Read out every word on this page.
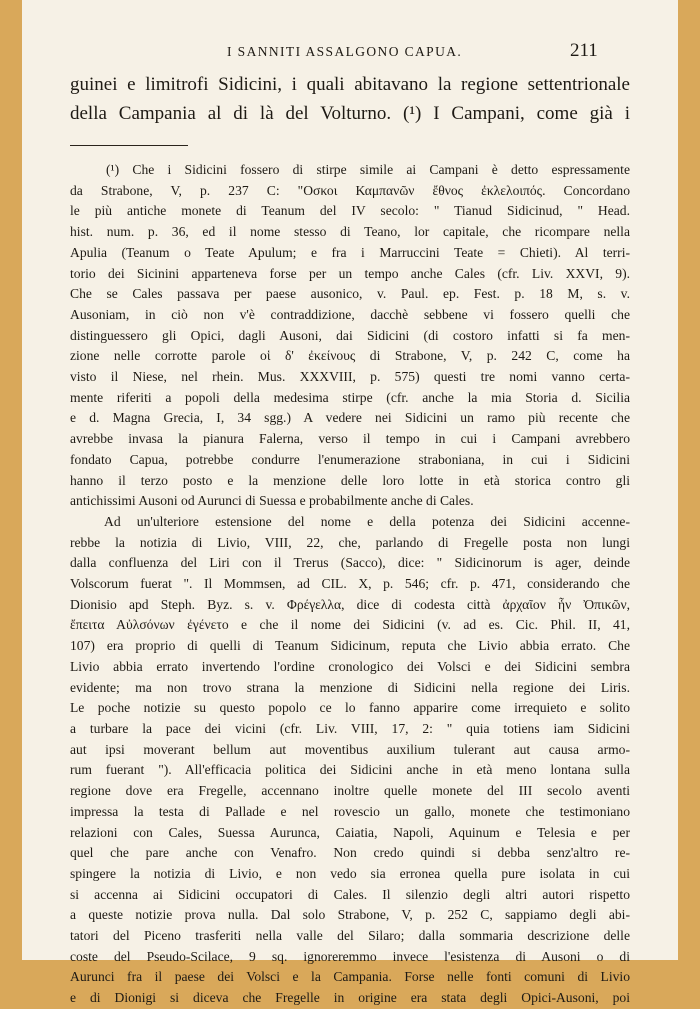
I SANNITI ASSALGONO CAPUA.	211
guinei e limitrofi Sidicini, i quali abitavano la regione settentrionale
della Campania al di là del Volturno. (¹) I Campani, come già i
(¹) Che i Sidicini fossero di stirpe simile ai Campani è detto espressamente
da Strabone, V, p. 237 C: "Οσκοι Καμπανῶν ἔθνος ἐκλελοιπός. Concordano
le più antiche monete di Teanum del IV secolo: " Tianud Sidicinud, " Head.
hist. num. p. 36, ed il nome stesso di Teano, lor capitale, che ricompare nella
Apulia (Teanum o Teate Apulum; e fra i Marruccini Teate = Chieti). Al terri-
torio dei Sicinini apparteneva forse per un tempo anche Cales (cfr. Liv. XXVI, 9).
Che se Cales passava per paese ausonico, v. Paul. ep. Fest. p. 18 M, s. v.
Ausoniam, in ciò non v'è contraddizione, dacchè sebbene vi fossero quelli che
distinguessero gli Opici, dagli Ausoni, dai Sidicini (di costoro infatti si fa men-
zione nelle corrotte parole οἱ δ' ἐκείνους di Strabone, V, p. 242 C, come ha
visto il Niese, nel rhein. Mus. XXXVIII, p. 575) questi tre nomi vanno certa-
mente riferiti a popoli della medesima stirpe (cfr. anche la mia Storia d. Sicilia
e d. Magna Grecia, I, 34 sgg.) A vedere nei Sidicini un ramo più recente che
avrebbe invasa la pianura Falerna, verso il tempo in cui i Campani avrebbero
fondato Capua, potrebbe condurre l'enumerazione straboniana, in cui i Sidicini
hanno il terzo posto e la menzione delle loro lotte in età storica contro gli
antichissimi Ausoni od Aurunci di Suessa e probabilmente anche di Cales.
Ad un'ulteriore estensione del nome e della potenza dei Sidicini accenne-
rebbe la notizia di Livio, VIII, 22, che, parlando di Fregelle posta non lungi
dalla confluenza del Liri con il Trerus (Sacco), dice: " Sidicinorum is ager, deinde
Volscorum fuerat ". Il Mommsen, ad CIL. X, p. 546; cfr. p. 471, considerando che
Dionisio apd Steph. Byz. s. v. Φρέγελλα, dice di codesta città ἀρχαῖον ἦν Ὀπικῶν,
ἔπειτα Αὐλσόνων ἐγένετο e che il nome dei Sidicini (v. ad es. Cic. Phil. II, 41,
107) era proprio di quelli di Teanum Sidicinum, reputa che Livio abbia errato. Che
Livio abbia errato invertendo l'ordine cronologico dei Volsci e dei Sidicini sembra
evidente; ma non trovo strana la menzione di Sidicini nella regione dei Liris.
Le poche notizie su questo popolo ce lo fanno apparire come irrequieto e solito
a turbare la pace dei vicini (cfr. Liv. VIII, 17, 2: " quia totiens iam Sidicini
aut ipsi moverant bellum aut moventibus auxilium tulerant aut causa armo-
rum fuerant "). All'efficacia politica dei Sidicini anche in età meno lontana sulla
regione dove era Fregelle, accennano inoltre quelle monete del III secolo aventi
impressa la testa di Pallade e nel rovescio un gallo, monete che testimoniano
relazioni con Cales, Suessa Aurunca, Caiatia, Napoli, Aquinum e Telesia e per
quel che pare anche con Venafro. Non credo quindi si debba senz'altro re-
spingere la notizia di Livio, e non vedo sia erronea quella pure isolata in cui
si accenna ai Sidicini occupatori di Cales. Il silenzio degli altri autori rispetto
a queste notizie prova nulla. Dal solo Strabone, V, p. 252 C, sappiamo degli abi-
tatori del Piceno trasferiti nella valle del Silaro; dalla sommaria descrizione delle
coste del Pseudo-Scilace, 9 sq. ignoreremmo invece l'esistenza di Ausoni o di
Aurunci fra il paese dei Volsci e la Campania. Forse nelle fonti comuni di Livio
e di Dionigi si diceva che Fregelle in origine era stata degli Opici-Ausoni, poi
